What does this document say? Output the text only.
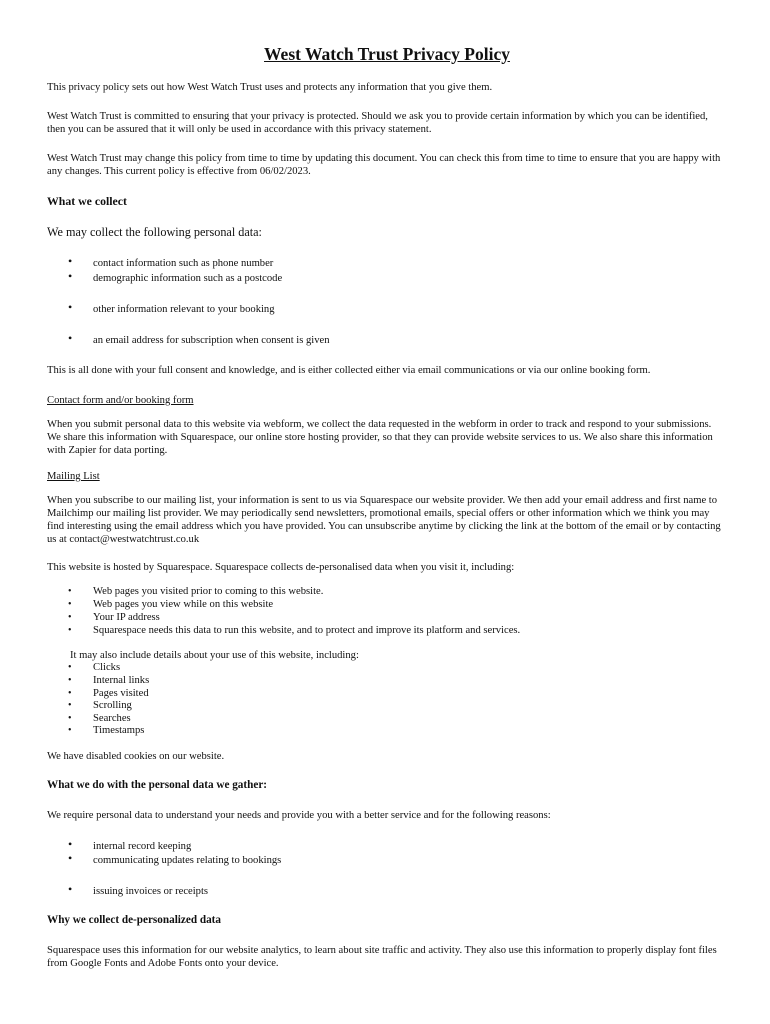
West Watch Trust Privacy Policy

This privacy policy sets out how West Watch Trust uses and protects any information that you give them.

West Watch Trust is committed to ensuring that your privacy is protected. Should we ask you to provide certain information by which you can be identified, then you can be assured that it will only be used in accordance with this privacy statement.

West Watch Trust may change this policy from time to time by updating this document. You can check this from time to time to ensure that you are happy with any changes. This current policy is effective from 06/02/2023.

What we collect

We may collect the following personal data:

• contact information such as phone number
• demographic information such as a postcode
• other information relevant to your booking
• an email address for subscription when consent is given

This is all done with your full consent and knowledge, and is either collected either via email communications or via our online booking form.

Contact form and/or booking form

When you submit personal data to this website via webform, we collect the data requested in the webform in order to track and respond to your submissions. We share this information with Squarespace, our online store hosting provider, so that they can provide website services to us. We also share this information with Zapier for data porting.

Mailing List

When you subscribe to our mailing list, your information is sent to us via Squarespace our website provider. We then add your email address and first name to Mailchimp our mailing list provider. We may periodically send newsletters, promotional emails, special offers or other information which we think you may find interesting using the email address which you have provided. You can unsubscribe anytime by clicking the link at the bottom of the email or by contacting us at contact@westwatchtrust.co.uk

This website is hosted by Squarespace. Squarespace collects de-personalised data when you visit it, including:

• Web pages you visited prior to coming to this website.
• Web pages you view while on this website
• Your IP address
• Squarespace needs this data to run this website, and to protect and improve its platform and services.

It may also include details about your use of this website, including:

• Clicks
• Internal links
• Pages visited
• Scrolling
• Searches
• Timestamps

We have disabled cookies on our website.

What we do with the personal data we gather:

We require personal data to understand your needs and provide you with a better service and for the following reasons:

• internal record keeping
• communicating updates relating to bookings
• issuing invoices or receipts

Why we collect de-personalized data

Squarespace uses this information for our website analytics, to learn about site traffic and activity. They also use this information to properly display font files from Google Fonts and Adobe Fonts onto your device.
